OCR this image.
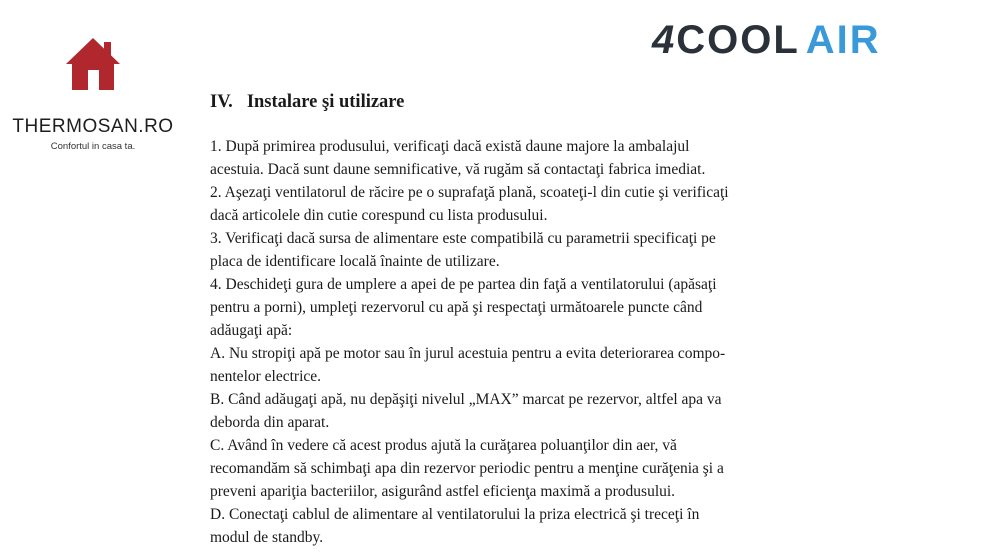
THERMOSAN.RO
Confortul in casa ta.
4 COOL AIR
IV. Instalare şi utilizare

1. După primirea produsului, verificaţi dacă există daune majore la ambalajul
acestuia. Dacă sunt daune semnificative, vă rugăm să contactaţi fabrica imediat.

2. Aşezaţi ventilatorul de răcire pe o suprafaţă plană, scoateţi-l din cutie şi verificaţi
dacă articolele din cutie corespund cu lista produsului.

3. Verificaţi dacă sursa de alimentare este compatibilă cu parametrii specificaţi pe
placa de identificare locală înainte de utilizare.

4. Deschideţi gura de umplere a apei de pe partea din faţă a ventilatorului (apăsaţi
pentru a porni), umpleţi rezervorul cu apă şi respectaţi următoarele puncte când
adăugaţi apă:

A. Nu stropiţi apă pe motor sau în jurul acestuia pentru a evita deteriorarea compo-
nentelor electrice.

B. Când adăugaţi apă, nu depăşiţi nivelul „MAX” marcat pe rezervor, altfel apa va
deborda din aparat.

C. Având în vedere că acest produs ajută la curăţarea poluanţilor din aer, vă
recomandăm să schimbaţi apa din rezervor periodic pentru a menţine curăţenia şi a
preveni apariţia bacteriilor, asigurând astfel eficienţa maximă a produsului.

D. Conectaţi cablul de alimentare al ventilatorului la priza electrică şi treceţi în
modul de standby.
